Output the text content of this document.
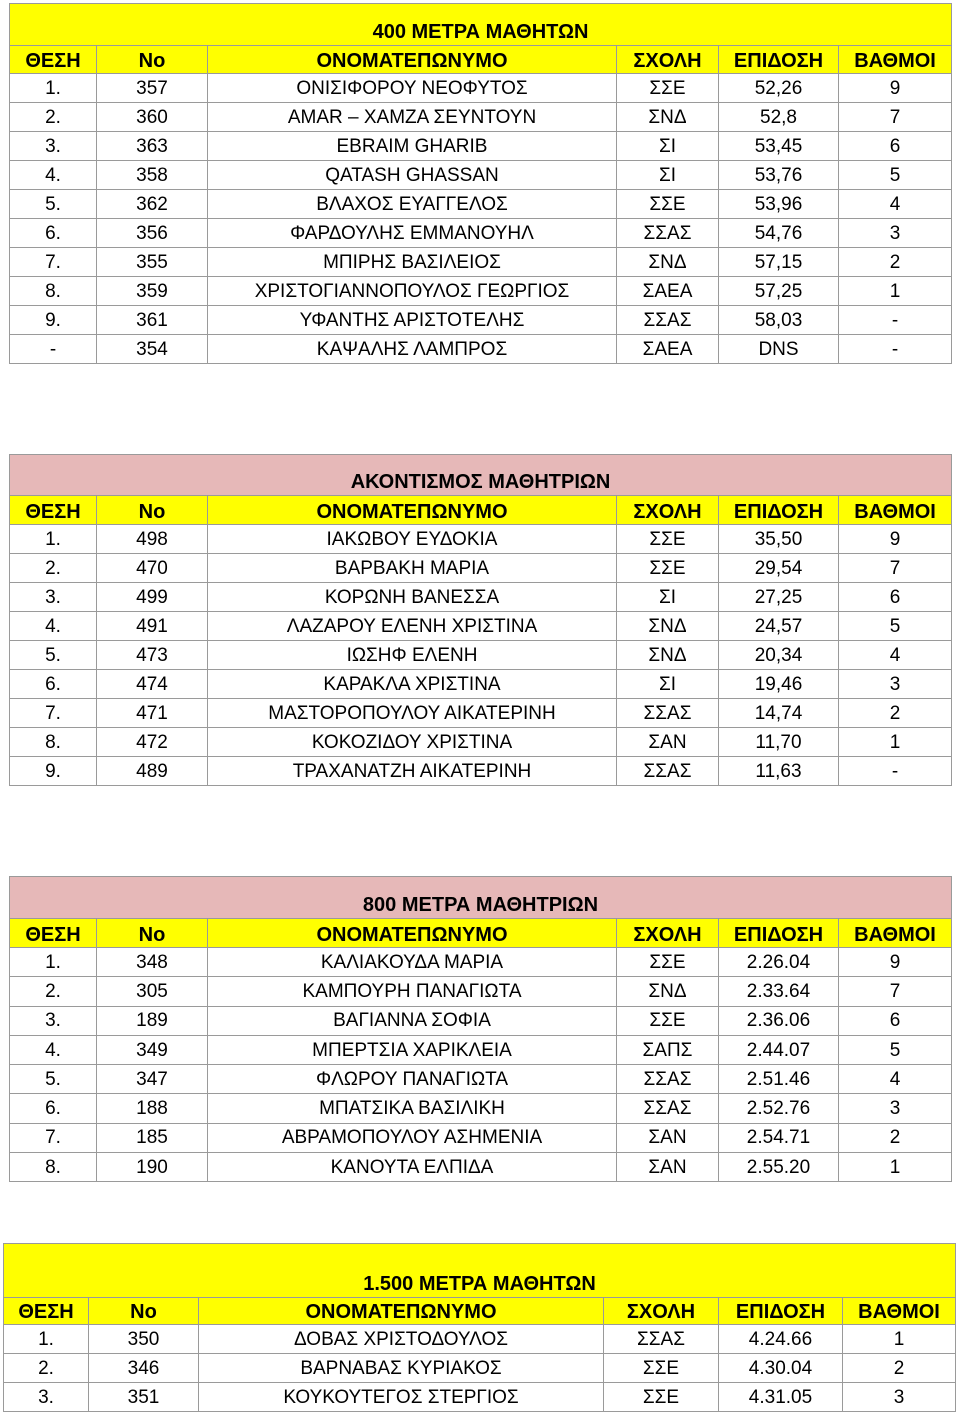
400 ΜΕΤΡΑ ΜΑΘΗΤΩΝ					
ΘΕΣΗ	No	ΟΝΟΜΑΤΕΠΩΝΥΜΟ	ΣΧΟΛΗ	ΕΠΙΔΟΣΗ	ΒΑΘΜΟΙ
1.	357	ΟΝΙΣΙΦΟΡΟΥ ΝΕΟΦΥΤΟΣ	ΣΣΕ	52,26	9
2.	360	AMAR – ΧΑΜΖΑ ΣΕΥΝΤΟΥΝ	ΣΝΔ	52,8	7
3.	363	EBRAIM GHARIB	ΣΙ	53,45	6
4.	358	QATASH GHASSAN	ΣΙ	53,76	5
5.	362	ΒΛΑΧΟΣ ΕΥΑΓΓΕΛΟΣ	ΣΣΕ	53,96	4
6.	356	ΦΑΡΔΟΥΛΗΣ ΕΜΜΑΝΟΥΗΛ	ΣΣΑΣ	54,76	3
7.	355	ΜΠΙΡΗΣ ΒΑΣΙΛΕΙΟΣ	ΣΝΔ	57,15	2
8.	359	ΧΡΙΣΤΟΓΙΑΝΝΟΠΟΥΛΟΣ ΓΕΩΡΓΙΟΣ	ΣΑΕΑ	57,25	1
9.	361	ΥΦΑΝΤΗΣ ΑΡΙΣΤΟΤΕΛΗΣ	ΣΣΑΣ	58,03	-
-	354	ΚΑΨΑΛΗΣ ΛΑΜΠΡΟΣ	ΣΑΕΑ	DNS	-
ΑΚΟΝΤΙΣΜΟΣ ΜΑΘΗΤΡΙΩΝ					
ΘΕΣΗ	No	ΟΝΟΜΑΤΕΠΩΝΥΜΟ	ΣΧΟΛΗ	ΕΠΙΔΟΣΗ	ΒΑΘΜΟΙ
1.	498	ΙΑΚΩΒΟΥ ΕΥΔΟΚΙΑ	ΣΣΕ	35,50	9
2.	470	ΒΑΡΒΑΚΗ ΜΑΡΙΑ	ΣΣΕ	29,54	7
3.	499	ΚΟΡΩΝΗ ΒΑΝΕΣΣΑ	ΣΙ	27,25	6
4.	491	ΛΑΖΑΡΟΥ ΕΛΕΝΗ ΧΡΙΣΤΙΝΑ	ΣΝΔ	24,57	5
5.	473	ΙΩΣΗΦ ΕΛΕΝΗ	ΣΝΔ	20,34	4
6.	474	ΚΑΡΑΚΛΑ ΧΡΙΣΤΙΝΑ	ΣΙ	19,46	3
7.	471	ΜΑΣΤΟΡΟΠΟΥΛΟΥ ΑΙΚΑΤΕΡΙΝΗ	ΣΣΑΣ	14,74	2
8.	472	ΚΟΚΟΖΙΔΟΥ ΧΡΙΣΤΙΝΑ	ΣΑΝ	11,70	1
9.	489	ΤΡΑΧΑΝΑΤΖΗ ΑΙΚΑΤΕΡΙΝΗ	ΣΣΑΣ	11,63	-
800 ΜΕΤΡΑ ΜΑΘΗΤΡΙΩΝ					
ΘΕΣΗ	No	ΟΝΟΜΑΤΕΠΩΝΥΜΟ	ΣΧΟΛΗ	ΕΠΙΔΟΣΗ	ΒΑΘΜΟΙ
1.	348	ΚΑΛΙΑΚΟΥΔΑ ΜΑΡΙΑ	ΣΣΕ	2.26.04	9
2.	305	ΚΑΜΠΟΥΡΗ ΠΑΝΑΓΙΩΤΑ	ΣΝΔ	2.33.64	7
3.	189	ΒΑΓΙΑΝΝΑ ΣΟΦΙΑ	ΣΣΕ	2.36.06	6
4.	349	ΜΠΕΡΤΣΙΑ ΧΑΡΙΚΛΕΙΑ	ΣΑΠΣ	2.44.07	5
5.	347	ΦΛΩΡΟΥ ΠΑΝΑΓΙΩΤΑ	ΣΣΑΣ	2.51.46	4
6.	188	ΜΠΑΤΣΙΚΑ ΒΑΣΙΛΙΚΗ	ΣΣΑΣ	2.52.76	3
7.	185	ΑΒΡΑΜΟΠΟΥΛΟΥ ΑΣΗΜΕΝΙΑ	ΣΑΝ	2.54.71	2
8.	190	ΚΑΝΟΥΤΑ ΕΛΠΙΔΑ	ΣΑΝ	2.55.20	1
1.500 ΜΕΤΡΑ ΜΑΘΗΤΩΝ					
ΘΕΣΗ	No	ΟΝΟΜΑΤΕΠΩΝΥΜΟ	ΣΧΟΛΗ	ΕΠΙΔΟΣΗ	ΒΑΘΜΟΙ
1.	350	ΔΟΒΑΣ ΧΡΙΣΤΟΔΟΥΛΟΣ	ΣΣΑΣ	4.24.66	1
2.	346	ΒΑΡΝΑΒΑΣ ΚΥΡΙΑΚΟΣ	ΣΣΕ	4.30.04	2
3.	351	ΚΟΥΚΟΥΤΕΓΟΣ ΣΤΕΡΓΙΟΣ	ΣΣΕ	4.31.05	3
